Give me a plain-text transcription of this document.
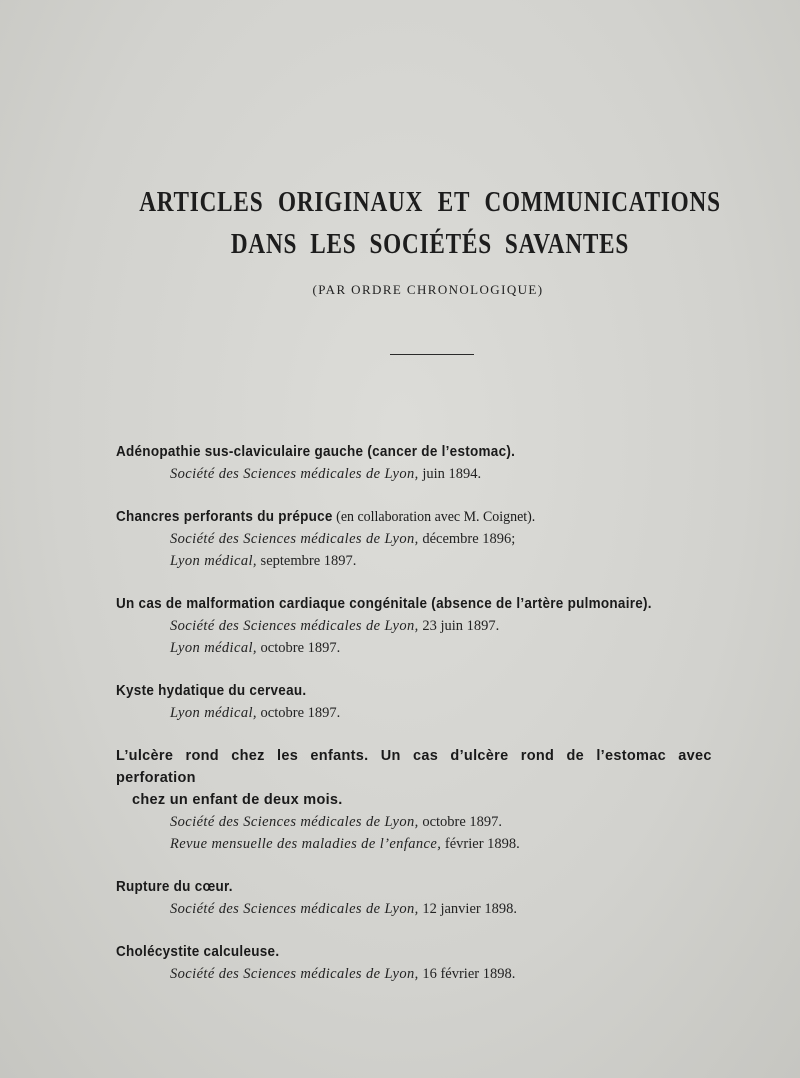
ARTICLES ORIGINAUX ET COMMUNICATIONS
DANS LES SOCIÉTÉS SAVANTES

(PAR ORDRE CHRONOLOGIQUE)

Adénopathie sus-claviculaire gauche (cancer de l’estomac).
Société des Sciences médicales de Lyon, juin 1894.
Chancres perforants du prépuce (en collaboration avec M. Coignet).
Société des Sciences médicales de Lyon, décembre 1896;
Lyon médical, septembre 1897.
Un cas de malformation cardiaque congénitale (absence de l’artère pulmonaire).
Société des Sciences médicales de Lyon, 23 juin 1897.
Lyon médical, octobre 1897.
Kyste hydatique du cerveau.
Lyon médical, octobre 1897.
L’ulcère rond chez les enfants. Un cas d’ulcère rond de l’estomac avec perforation
chez un enfant de deux mois.
Société des Sciences médicales de Lyon, octobre 1897.
Revue mensuelle des maladies de l’enfance, février 1898.
Rupture du cœur.
Société des Sciences médicales de Lyon, 12 janvier 1898.
Cholécystite calculeuse.
Société des Sciences médicales de Lyon, 16 février 1898.
